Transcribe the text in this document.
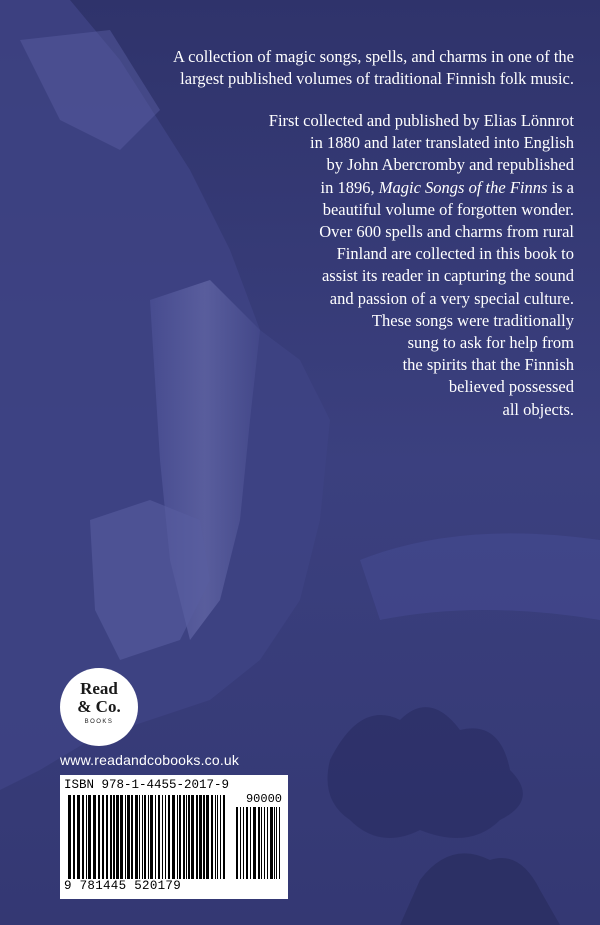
A collection of magic songs, spells, and charms in one of the
largest published volumes of traditional Finnish folk music.
First collected and published by Elias Lönnrot
in 1880 and later translated into English
by John Abercromby and republished
in 1896, Magic Songs of the Finns is a
beautiful volume of forgotten wonder.
Over 600 spells and charms from rural
Finland are collected in this book to
assist its reader in capturing the sound
and passion of a very special culture.
These songs were traditionally
sung to ask for help from
the spirits that the Finnish
believed possessed
all objects.
Read
& Co.
BOOKS
www.readandcobooks.co.uk
ISBN 978-1-4455-2017-9
90000
9 781445 520179
